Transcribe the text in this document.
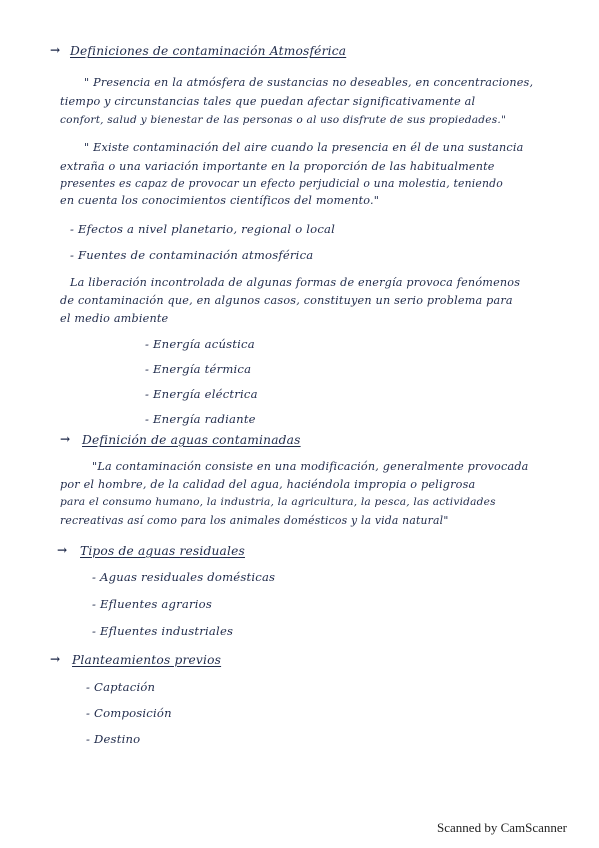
→ Definiciones de contaminación Atmosférica
" Presencia en la atmósfera de sustancias no deseables, en concentraciones,
tiempo y circunstancias tales que puedan afectar significativamente al
confort, salud y bienestar de las personas o al uso disfrute de sus propiedades."
" Existe contaminación del aire cuando la presencia en él de una sustancia
extraña o una variación importante en la proporción de las habitualmente
presentes es capaz de provocar un efecto perjudicial o una molestia, teniendo
en cuenta los conocimientos científicos del momento."
- Efectos a nivel planetario, regional o local
- Fuentes de contaminación atmosférica
La liberación incontrolada de algunas formas de energía provoca fenómenos
de contaminación que, en algunos casos, constituyen un serio problema para
el medio ambiente
- Energía acústica
- Energía térmica
- Energía eléctrica
- Energía radiante
→ Definición de aguas contaminadas
"La contaminación consiste en una modificación, generalmente provocada
por el hombre, de la calidad del agua, haciéndola impropia o peligrosa
para el consumo humano, la industria, la agricultura, la pesca, las actividades
recreativas así como para los animales domésticos y la vida natural"
→ Tipos de aguas residuales
- Aguas residuales domésticas
- Efluentes agrarios
- Efluentes industriales
→ Planteamientos previos
- Captación
- Composición
- Destino
Scanned by CamScanner
